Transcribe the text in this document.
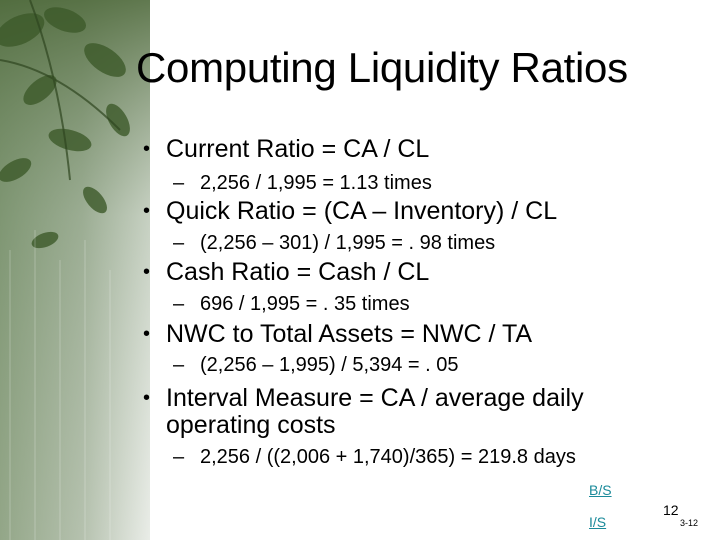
Computing Liquidity Ratios
• Current Ratio = CA / CL
– 2,256 / 1,995 = 1.13 times
• Quick Ratio = (CA – Inventory) / CL
– (2,256 – 301) / 1,995 = . 98 times
• Cash Ratio = Cash / CL
– 696 / 1,995 = . 35 times
• NWC to Total Assets = NWC / TA
– (2,256 – 1,995) / 5,394 = . 05
• Interval Measure = CA / average daily operating costs
– 2,256 / ((2,006 + 1,740)/365) = 219.8 days
B/S
I/S
12
3-12
